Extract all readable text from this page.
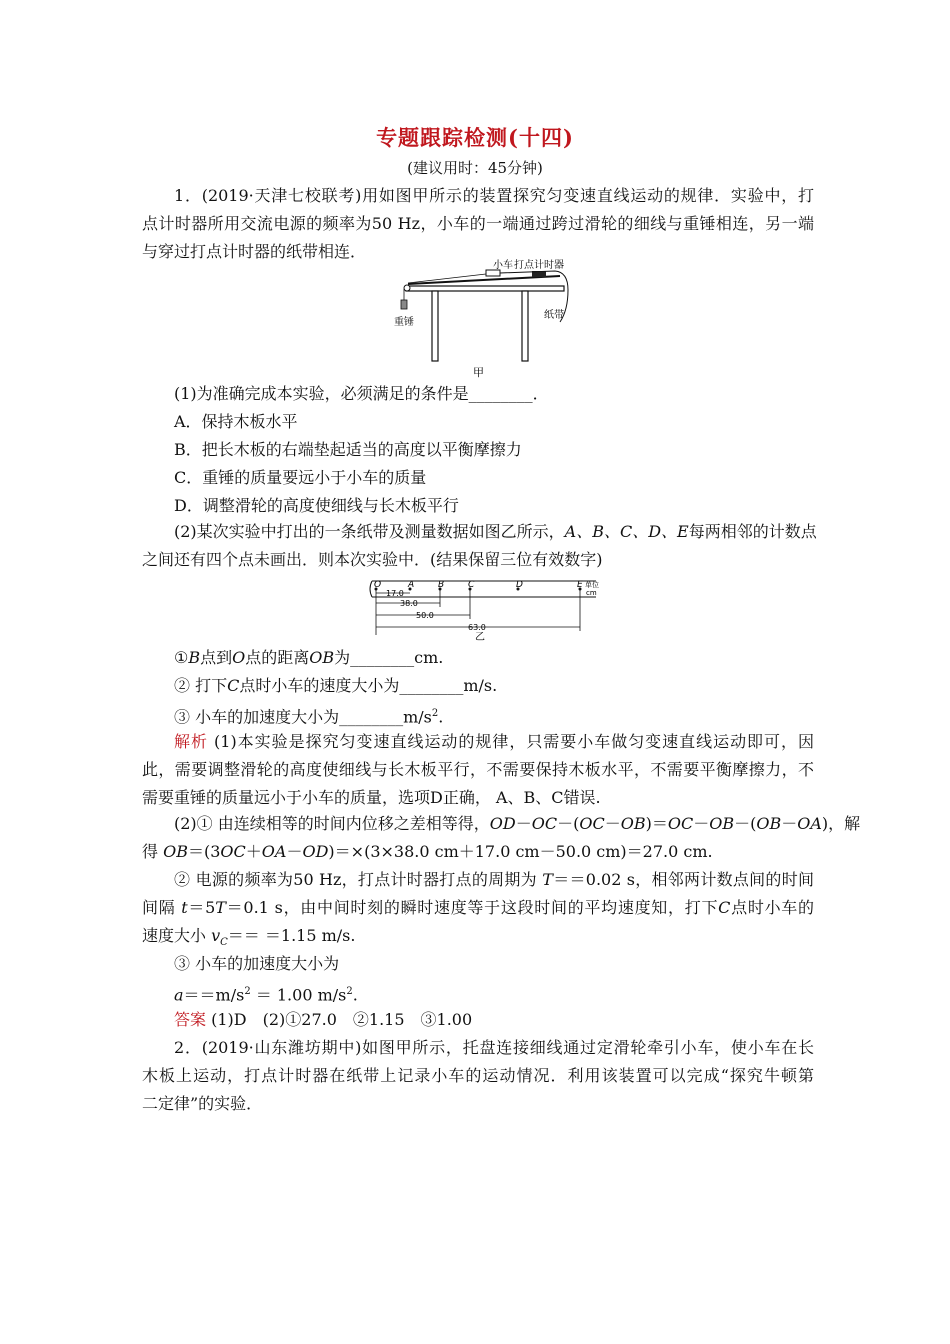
专题跟踪检测(十四)
(建议用时：45分钟)
1．(2019·天津七校联考)用如图甲所示的装置探究匀变速直线运动的规律．实验中，打
点计时器所用交流电源的频率为50 Hz，小车的一端通过跨过滑轮的细线与重锤相连，另一端
与穿过打点计时器的纸带相连．
小车 打点计时器
重锤
纸带
甲
(1)为准确完成本实验，必须满足的条件是________．
A．保持木板水平
B．把长木板的右端垫起适当的高度以平衡摩擦力
C．重锤的质量要远小于小车的质量
D．调整滑轮的高度使细线与长木板平行
(2)某次实验中打出的一条纸带及测量数据如图乙所示，A、B、C、D、E每两相邻的计数点
之间还有四个点未画出．则本次实验中．(结果保留三位有效数字)
O	A	B	C	D	E 单位
cm
17.0
38.0
50.0
63.0
乙
①B点到O点的距离OB为________cm.
② 打下C点时小车的速度大小为________m/s.
③ 小车的加速度大小为$\_\_\_\_\_\_\_\_m/s^2$.
解析 (1)本实验是探究匀变速直线运动的规律，只需要小车做匀变速直线运动即可，因
此，需要调整滑轮的高度使细线与长木板平行，不需要保持木板水平，不需要平衡摩擦力，不
需要重锤的质量远小于小车的质量，选项D正确， A、B、C错误.
(2)① 由连续相等的时间内位移之差相等得，OD－OC－(OC－OB)＝OC－OB－(OB－OA)，解
得 OB＝(3OC＋OA－OD)＝×(3×38.0 cm＋17.0 cm－50.0 cm)＝27.0 cm.
② 电源的频率为50 Hz，打点计时器打点的周期为 T＝＝0.02 s，相邻两计数点间的时间
间隔 t＝5T＝0.1 s，由中间时刻的瞬时速度等于这段时间的平均速度知，打下C点时小车的
速度大小 $v_C== =1.15$ m/s.
③ 小车的加速度大小为
$a==m/s^2 = 1.00$ $m/s^2$.
答案 (1)D　(2)①27.0　②1.15　③1.00
2．(2019·山东潍坊期中)如图甲所示，托盘连接细线通过定滑轮牵引小车，使小车在长
木板上运动，打点计时器在纸带上记录小车的运动情况．利用该装置可以完成“探究牛顿第
二定律”的实验．
